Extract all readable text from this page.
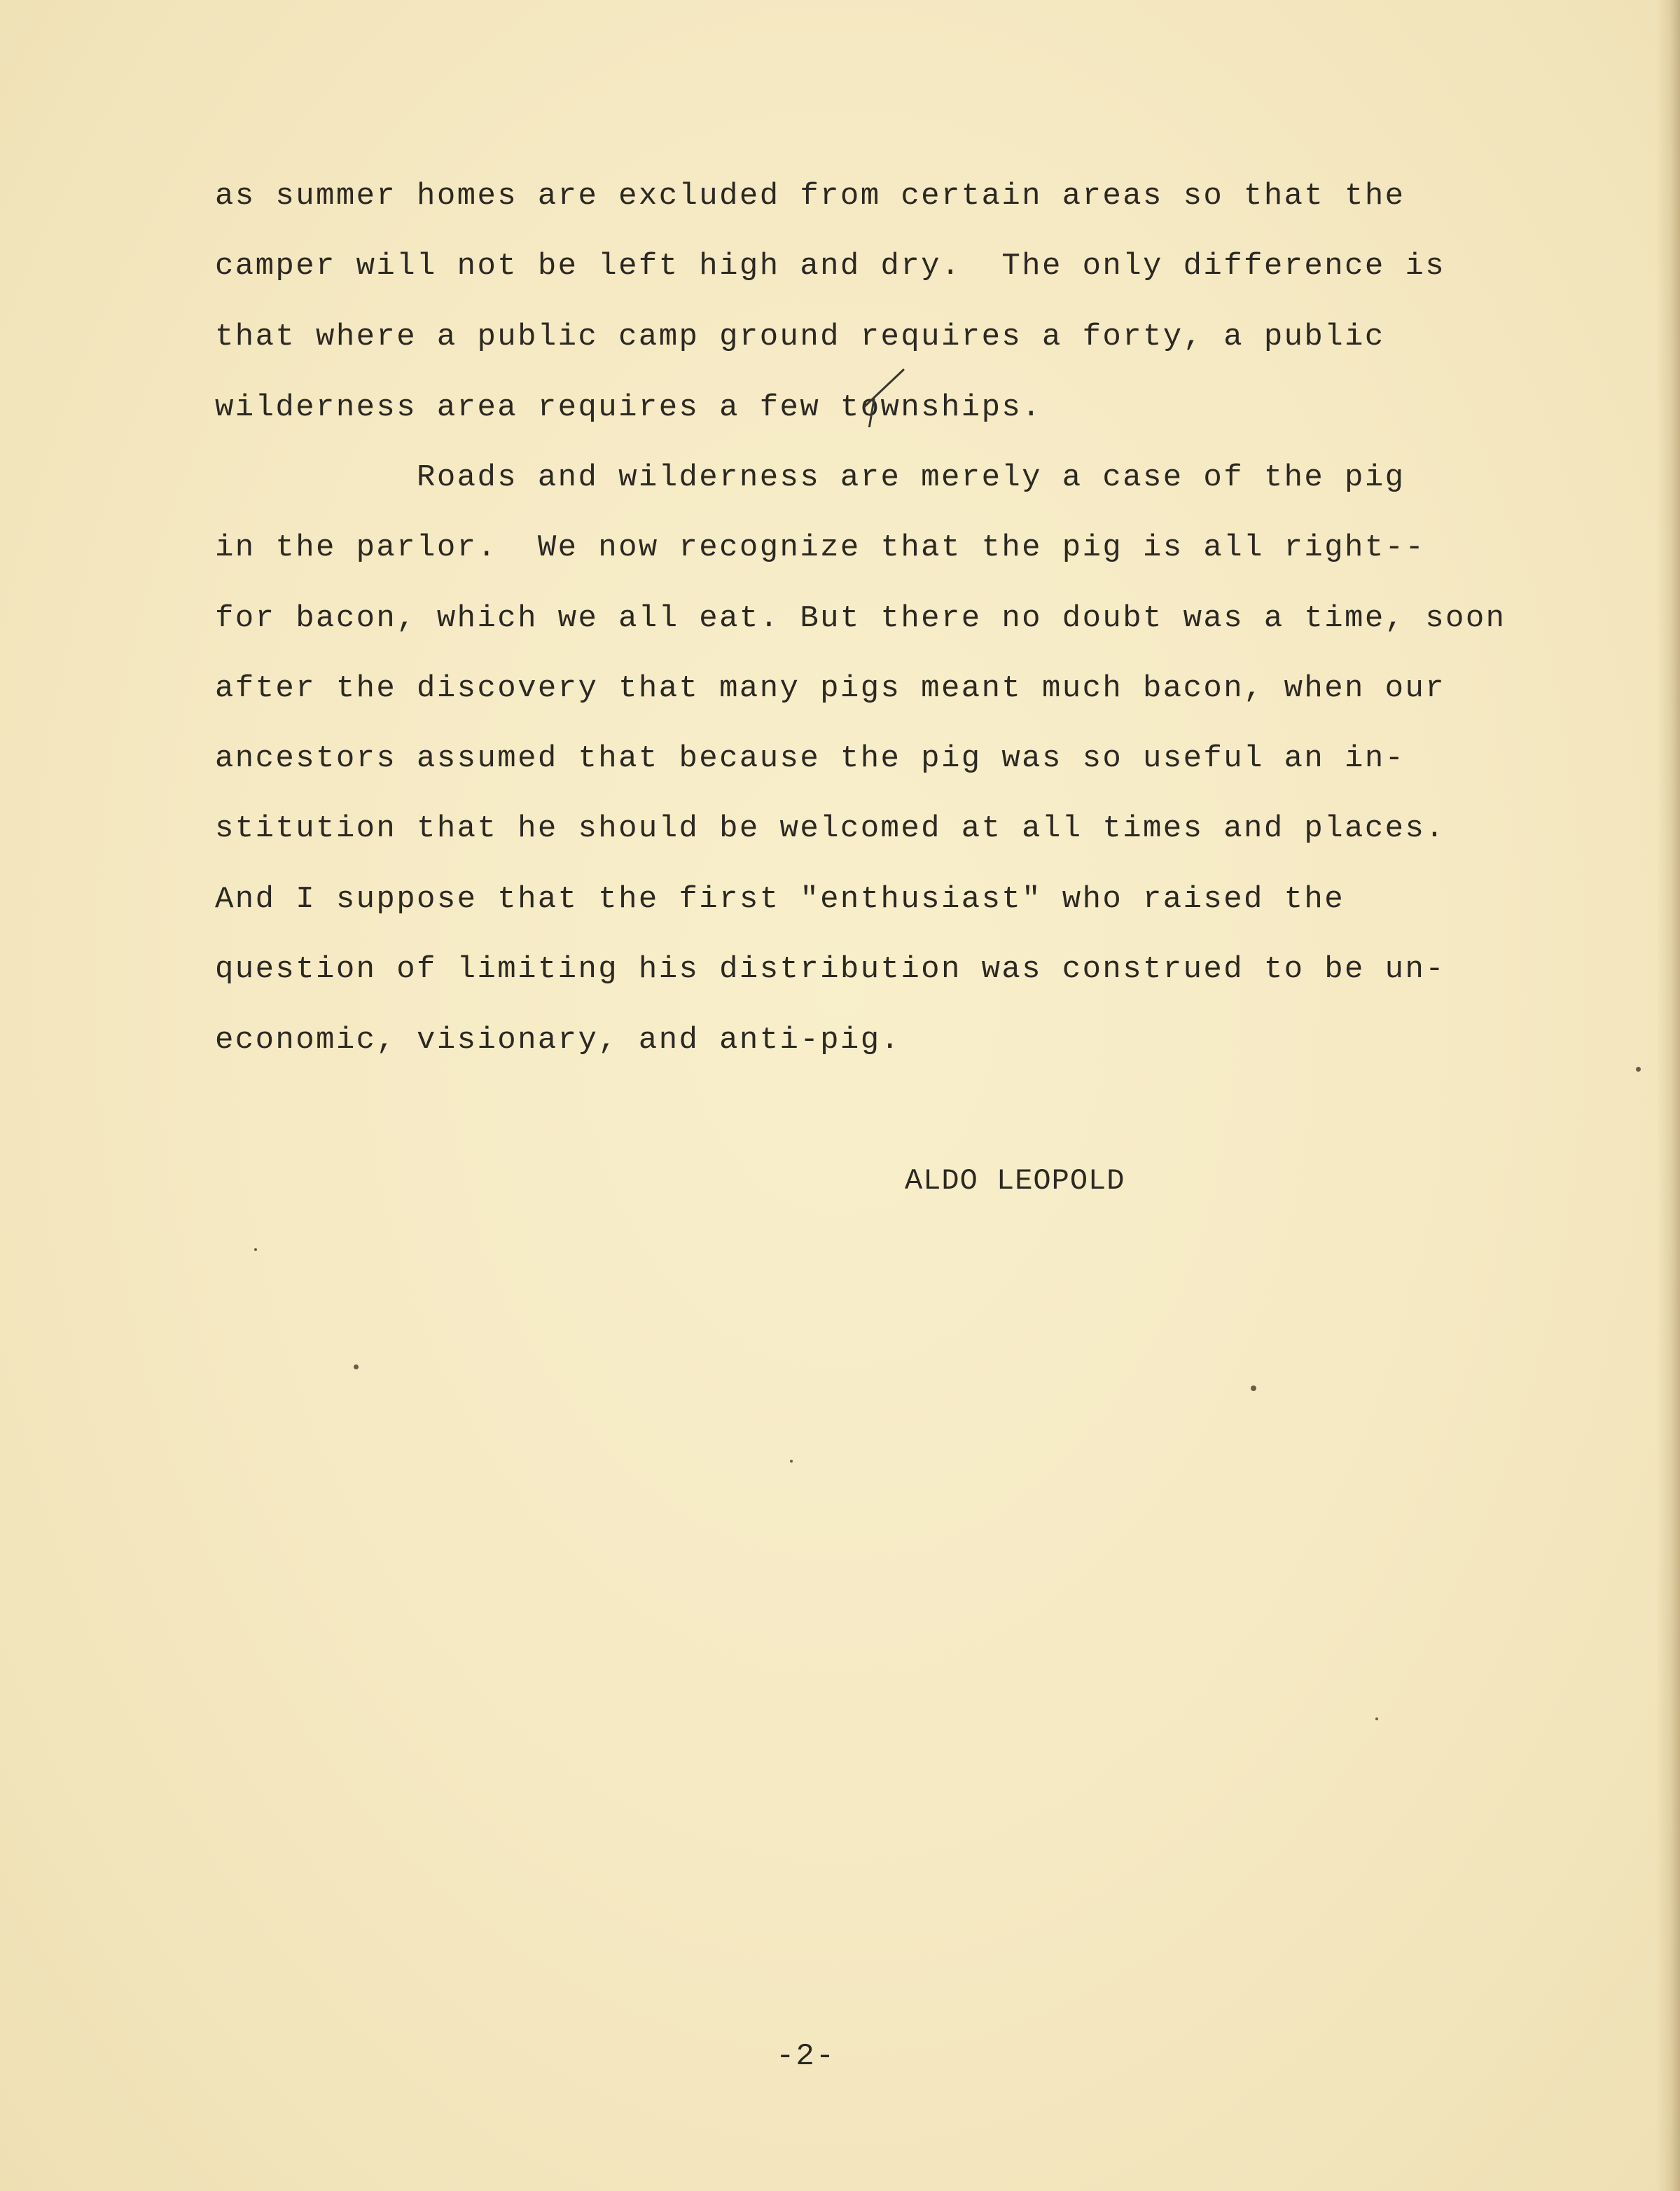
as summer homes are excluded from certain areas so that the
camper will not be left high and dry.  The only difference is
that where a public camp ground requires a forty, a public
wilderness area requires a few townships.
Roads and wilderness are merely a case of the pig
in the parlor.  We now recognize that the pig is all right--
for bacon, which we all eat. But there no doubt was a time, soon
after the discovery that many pigs meant much bacon, when our
ancestors assumed that because the pig was so useful an in-
stitution that he should be welcomed at all times and places.
And I suppose that the first "enthusiast" who raised the
question of limiting his distribution was construed to be un-
economic, visionary, and anti-pig.
ALDO LEOPOLD
-2-
